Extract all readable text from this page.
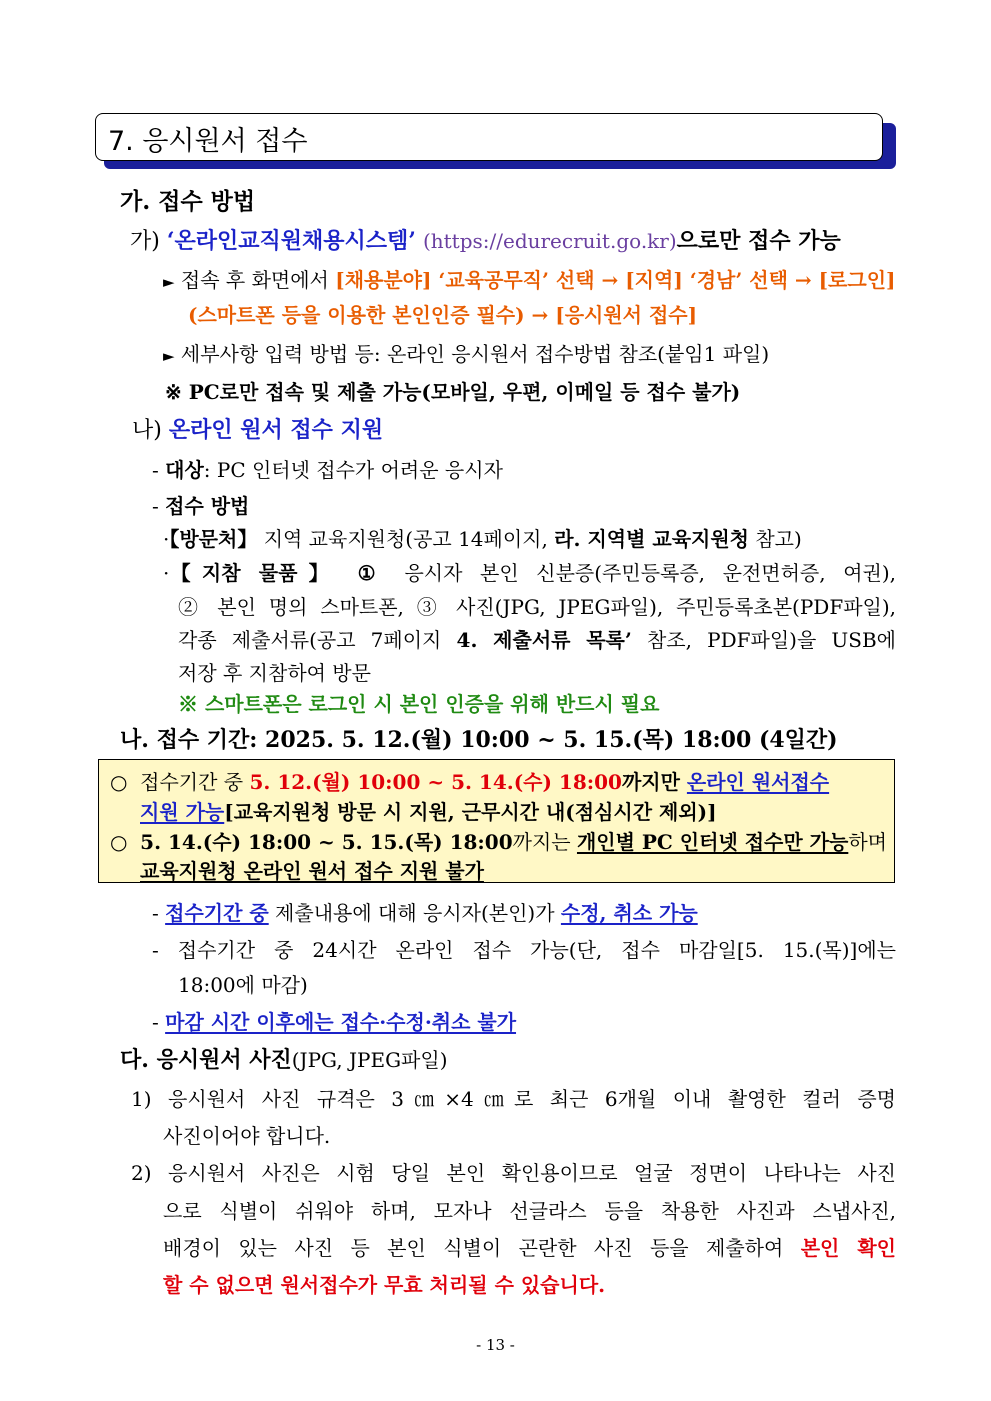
7. 응시원서 접수
가. 접수 방법
가) ‘온라인교직원채용시스템’ (https://edurecruit.go.kr)으로만 접수 가능
► 접속 후 화면에서 [채용분야] ‘교육공무직’ 선택 → [지역] ‘경남’ 선택 → [로그인]
(스마트폰 등을 이용한 본인인증 필수) → [응시원서 접수]
► 세부사항 입력 방법 등: 온라인 응시원서 접수방법 참조(붙임1 파일)
※ PC로만 접속 및 제출 가능(모바일, 우편, 이메일 등 접수 불가)
나) 온라인 원서 접수 지원
- 대상: PC 인터넷 접수가 어려운 응시자
- 접수 방법
·【방문처】 지역 교육지원청(공고 14페이지, 라. 지역별 교육지원청 참고)
·【지참 물품】 ① 응시자 본인 신분증(주민등록증, 운전면허증, 여권),
② 본인 명의 스마트폰, ③ 사진(JPG, JPEG파일), 주민등록초본(PDF파일),
각종 제출서류(공고 7페이지 4. 제출서류 목록’ 참조, PDF파일)을 USB에
저장 후 지참하여 방문
※ 스마트폰은 로그인 시 본인 인증을 위해 반드시 필요
나. 접수 기간: 2025. 5. 12.(월) 10:00 ~ 5. 15.(목) 18:00 (4일간)
○ 접수기간 중 5. 12.(월) 10:00 ~ 5. 14.(수) 18:00까지만 온라인 원서접수
지원 가능[교육지원청 방문 시 지원, 근무시간 내(점심시간 제외)]
○ 5. 14.(수) 18:00 ~ 5. 15.(목) 18:00까지는 개인별 PC 인터넷 접수만 가능하며
교육지원청 온라인 원서 접수 지원 불가
- 접수기간 중 제출내용에 대해 응시자(본인)가 수정, 취소 가능
- 접수기간 중 24시간 온라인 접수 가능(단, 접수 마감일[5. 15.(목)]에는
18:00에 마감)
- 마감 시간 이후에는 접수·수정·취소 불가
다. 응시원서 사진(JPG, JPEG파일)
1) 응시원서 사진 규격은 3㎝×4㎝로 최근 6개월 이내 촬영한 컬러 증명
사진이어야 합니다.
2) 응시원서 사진은 시험 당일 본인 확인용이므로 얼굴 정면이 나타나는 사진
으로 식별이 쉬워야 하며, 모자나 선글라스 등을 착용한 사진과 스냅사진,
배경이 있는 사진 등 본인 식별이 곤란한 사진 등을 제출하여 본인 확인
할 수 없으면 원서접수가 무효 처리될 수 있습니다.
- 13 -
